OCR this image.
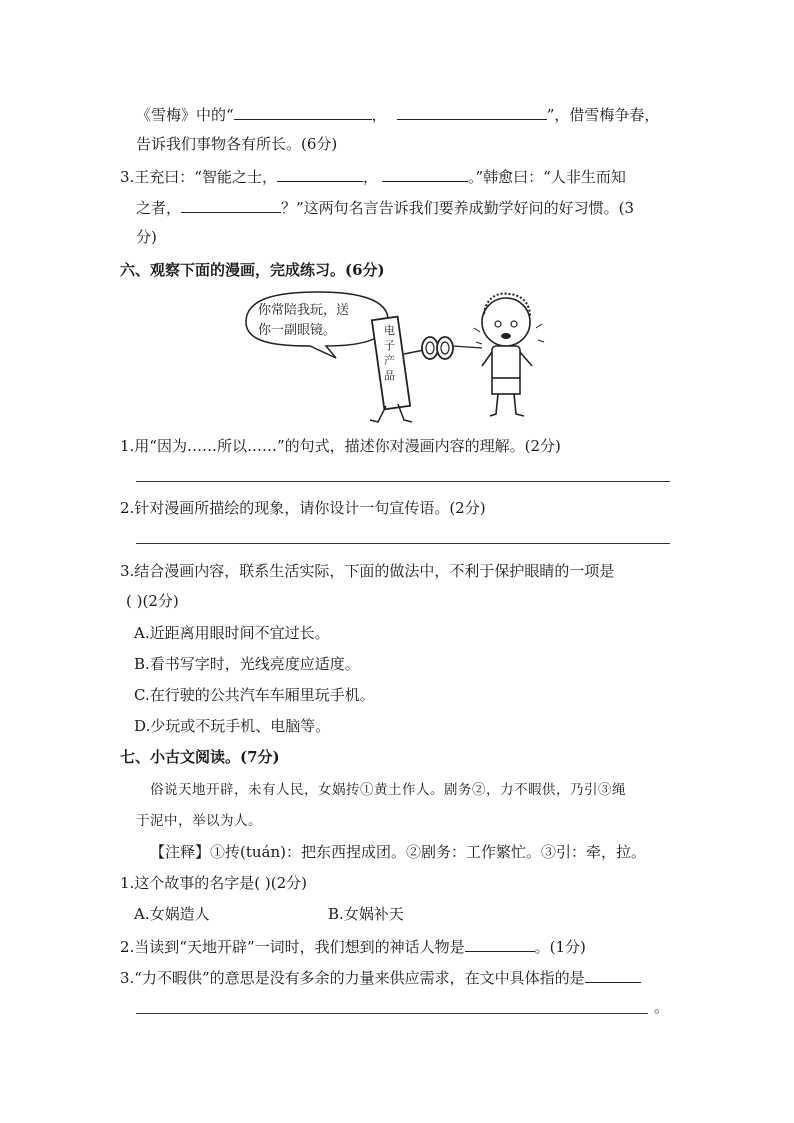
《雪梅》中的“	，	”，借雪梅争春，
告诉我们事物各有所长。(6分)
3.王充曰：“智能之士，	，	。”韩愈曰：“人非生而知
之者，	？”这两句名言告诉我们要养成勤学好问的好习惯。(3
分)
六、观察下面的漫画，完成练习。(6分)
你常陪我玩，送
你一副眼镜。	电
子
产
品
1.用“因为……所以……”的句式，描述你对漫画内容的理解。(2分)
2.针对漫画所描绘的现象，请你设计一句宣传语。(2分)
3.结合漫画内容，联系生活实际，下面的做法中，不利于保护眼睛的一项是
( )(2分)
A.近距离用眼时间不宜过长。
B.看书写字时，光线亮度应适度。
C.在行驶的公共汽车车厢里玩手机。
D.少玩或不玩手机、电脑等。
七、小古文阅读。(7分)
俗说天地开辟，未有人民，女娲抟①黄土作人。剧务②，力不暇供，乃引③绳
于泥中，举以为人。
【注释】①抟(tuán)：把东西捏成团。②剧务：工作繁忙。③引：牵，拉。
1.这个故事的名字是( )(2分)
A.女娲造人	B.女娲补天
2.当读到“天地开辟”一词时，我们想到的神话人物是	。(1分)
3.“力不暇供”的意思是没有多余的力量来供应需求，在文中具体指的是
。
